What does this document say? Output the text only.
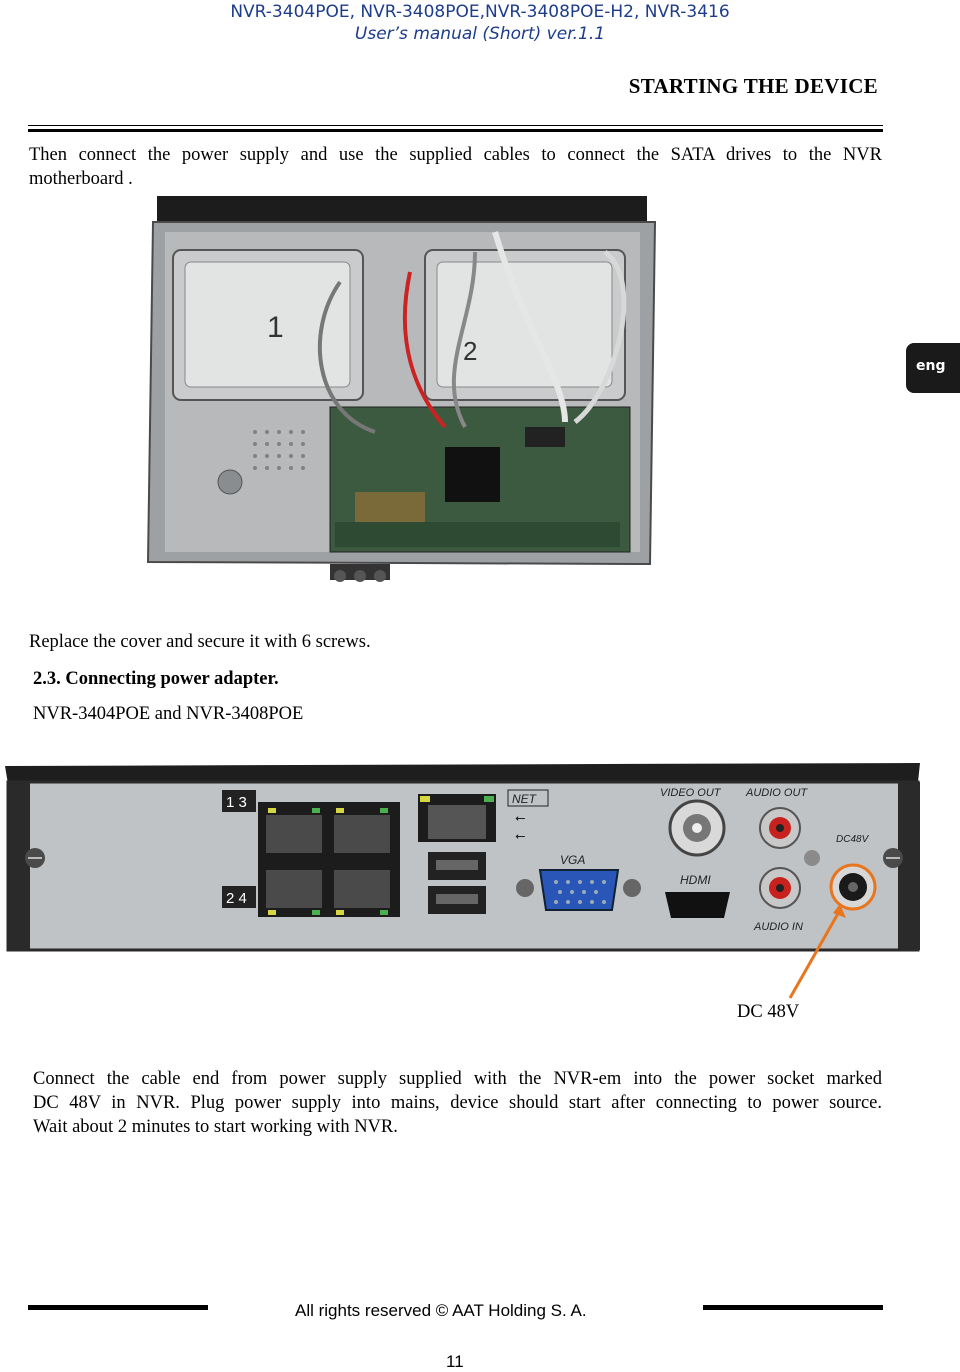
NVR-3404POE, NVR-3408POE,NVR-3408POE-H2, NVR-3416
User’s manual (Short) ver.1.1
STARTING THE DEVICE
eng
Then connect the power supply and use the supplied cables to connect the SATA drives to the NVR
motherboard .
1
2
Replace the cover and secure it with 6 screws.
2.3. Connecting power adapter.
NVR-3404POE and NVR-3408POE
1 3
2 4
NET
⭠
⭠
VGA
VIDEO OUT
HDMI
AUDIO OUT
AUDIO IN
DC48V
DC 48V
Connect the cable end from power supply supplied with the NVR-em into the power socket marked
DC 48V in NVR. Plug power supply into mains, device should start after connecting to power source.
Wait about 2 minutes to start working with NVR.
All rights reserved © AAT Holding S. A.
11
